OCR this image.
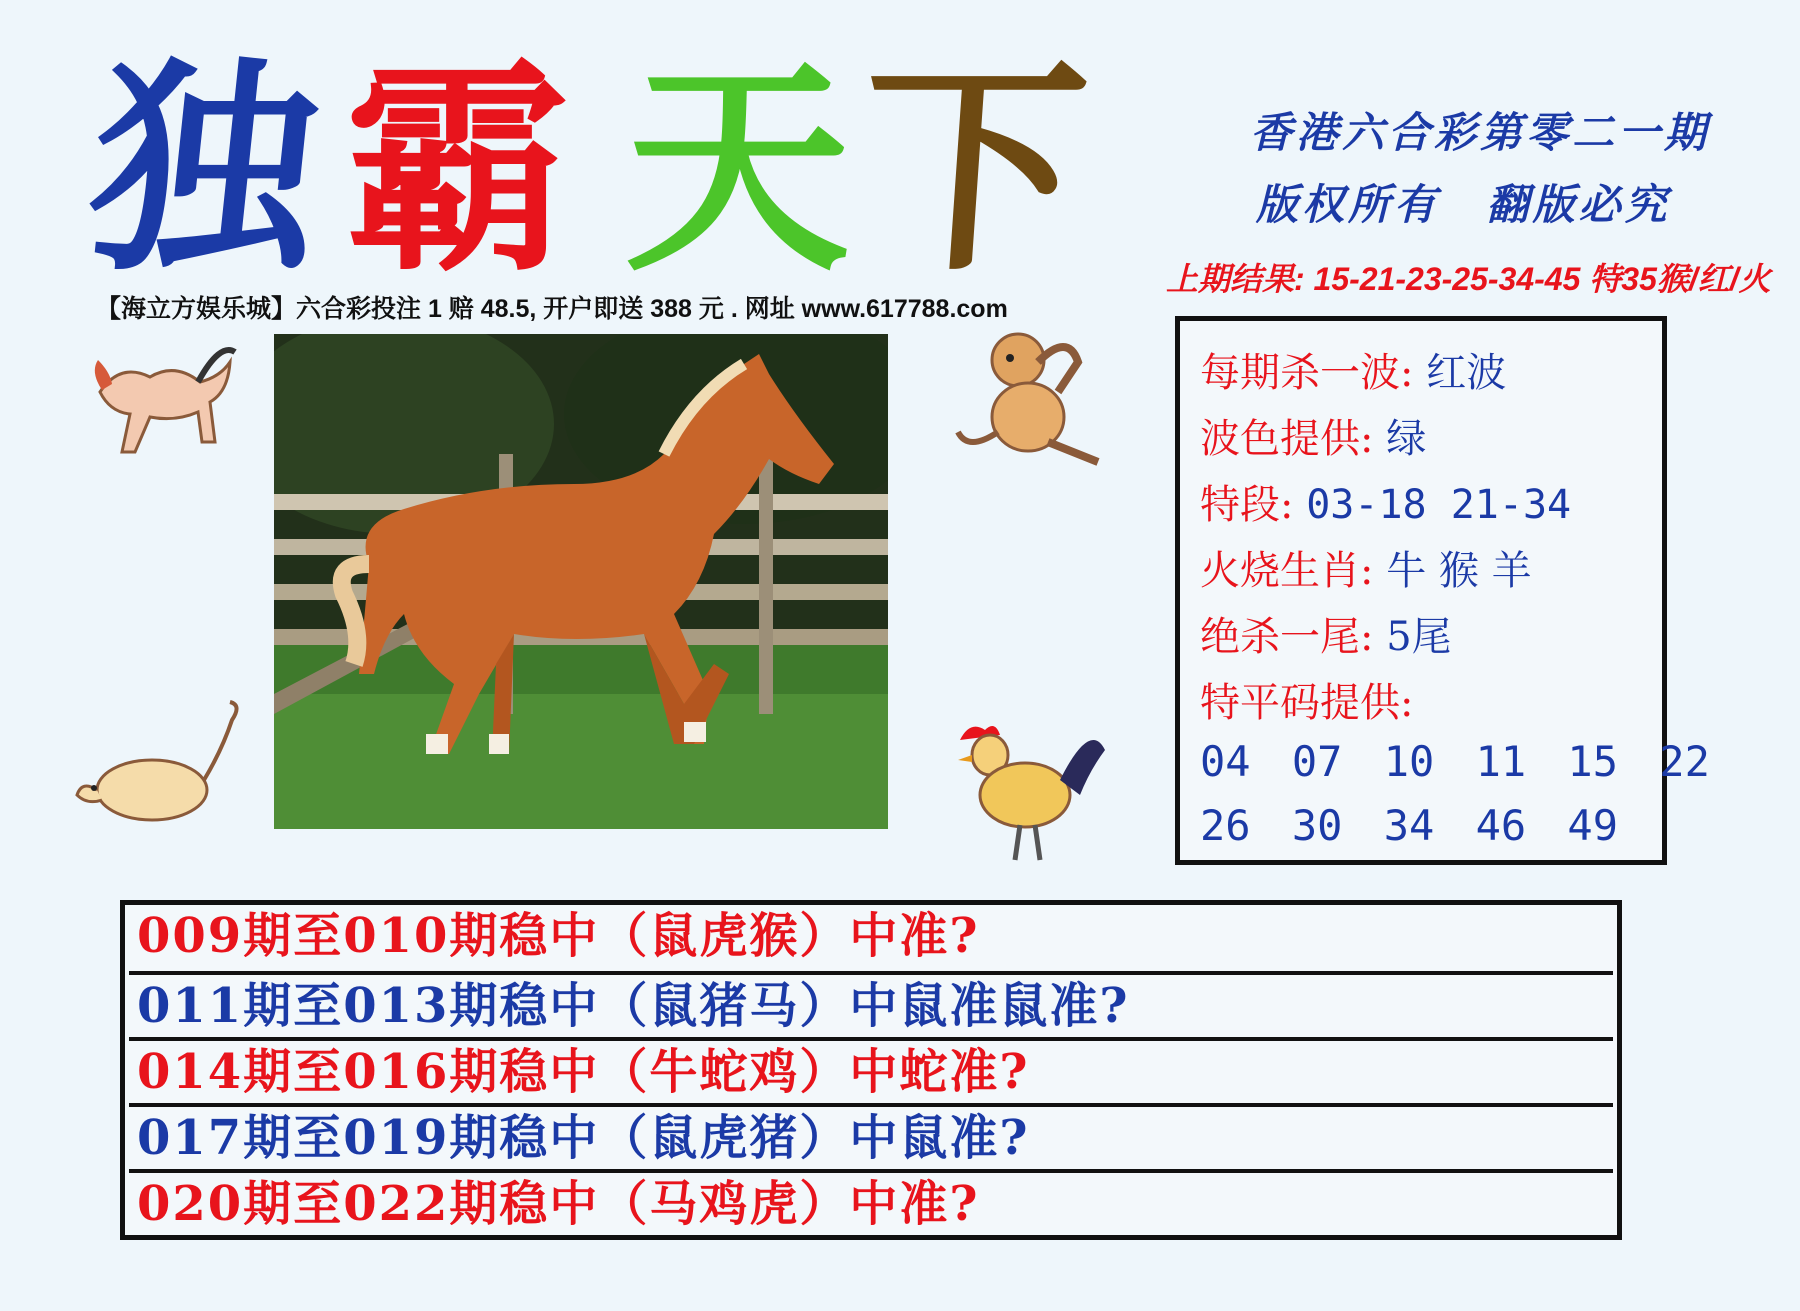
独 霸 天 下	香港六合彩第零二一期
版权所有 翻版必究
上期结果: 15-21-23-25-34-45 特35猴/红/火
【海立方娱乐城】六合彩投注 1 赔 48.5, 开户即送 388 元 . 网址 www.617788.com
每期杀一波: 红波
波色提供: 绿
特段: 03-18 21-34
火烧生肖: 牛 猴 羊
绝杀一尾: 5尾
特平码提供:
04 07 10 11 15 22
26 30 34 46 49
009期至010期稳中（鼠虎猴）中准?
011期至013期稳中（鼠猪马）中鼠准鼠准?
014期至016期稳中（牛蛇鸡）中蛇准?
017期至019期稳中（鼠虎猪）中鼠准?
020期至022期稳中（马鸡虎）中准?
